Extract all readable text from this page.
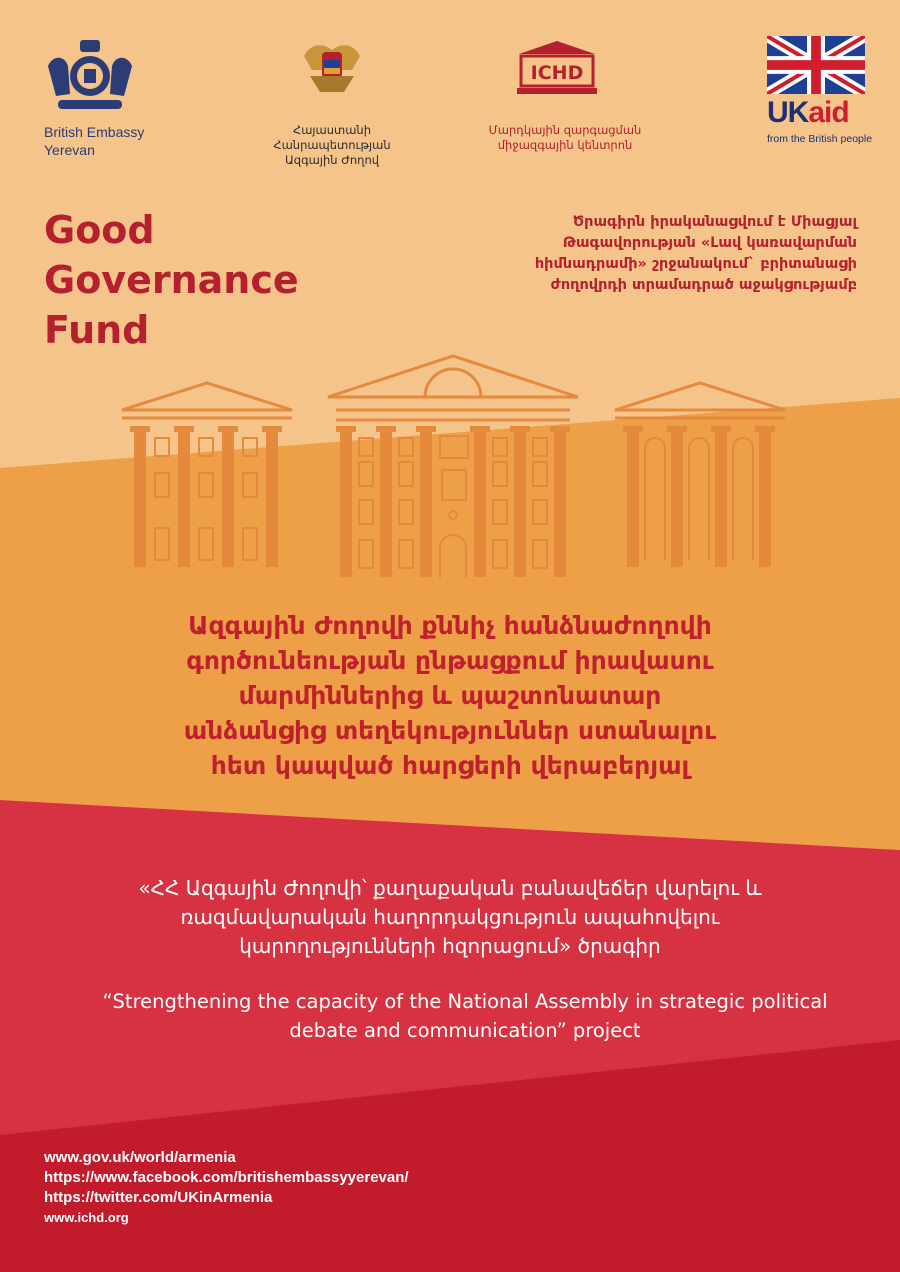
British Embassy
Yerevan
Հայաստանի
Հանրապետության
Ազգային Ժողով
ICHD
Մարդկային զարգացման
միջազգային կենտրոն
UKaid
from the British people
Good
Governance
Fund
Ծրագիրն իրականացվում է Միացյալ
Թագավորության «Լավ կառավարման
հիմնադրամի» շրջանակում` բրիտանացի
ժողովրդի տրամադրած աջակցությամբ
Ազգային Ժողովի քննիչ հանձնաժողովի
գործունեության ընթացքում իրավասու
մարմիններից և պաշտոնատար
անձանցից տեղեկություններ ստանալու
հետ կապված հարցերի վերաբերյալ
«ՀՀ Ազգային Ժողովի՝ քաղաքական բանավեճեր վարելու և
ռազմավարական հաղորդակցություն ապահովելու
կարողությունների հզորացում» ծրագիր
“Strengthening the capacity of the National Assembly in strategic political
debate and communication” project
www.gov.uk/world/armenia
https://www.facebook.com/britishembassyyerevan/
https://twitter.com/UKinArmenia
www.ichd.org
